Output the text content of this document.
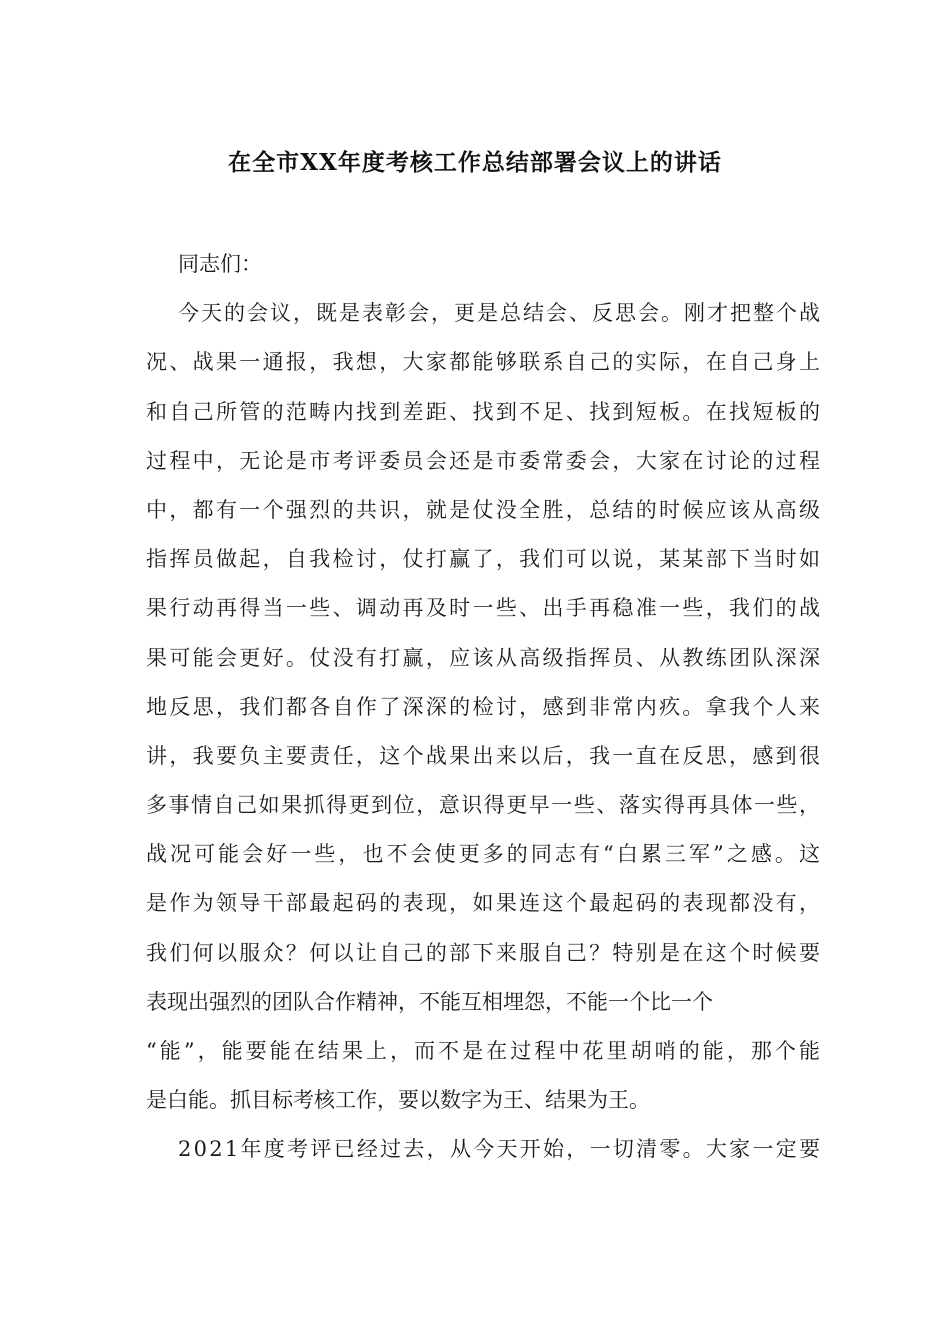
在全市XX年度考核工作总结部署会议上的讲话
同志们：
今天的会议，既是表彰会，更是总结会、反思会。刚才把整个战
况、战果一通报，我想，大家都能够联系自己的实际，在自己身上
和自己所管的范畴内找到差距、找到不足、找到短板。在找短板的
过程中，无论是市考评委员会还是市委常委会，大家在讨论的过程
中，都有一个强烈的共识，就是仗没全胜，总结的时候应该从高级
指挥员做起，自我检讨，仗打赢了，我们可以说，某某部下当时如
果行动再得当一些、调动再及时一些、出手再稳准一些，我们的战
果可能会更好。仗没有打赢，应该从高级指挥员、从教练团队深深
地反思，我们都各自作了深深的检讨，感到非常内疚。拿我个人来
讲，我要负主要责任，这个战果出来以后，我一直在反思，感到很
多事情自己如果抓得更到位，意识得更早一些、落实得再具体一些，
战况可能会好一些，也不会使更多的同志有“白累三军”之感。这
是作为领导干部最起码的表现，如果连这个最起码的表现都没有，
我们何以服众？何以让自己的部下来服自己？特别是在这个时候要
表现出强烈的团队合作精神，不能互相埋怨，不能一个比一个
“能”，能要能在结果上，而不是在过程中花里胡哨的能，那个能
是白能。抓目标考核工作，要以数字为王、结果为王。
2021年度考评已经过去，从今天开始，一切清零。大家一定要
